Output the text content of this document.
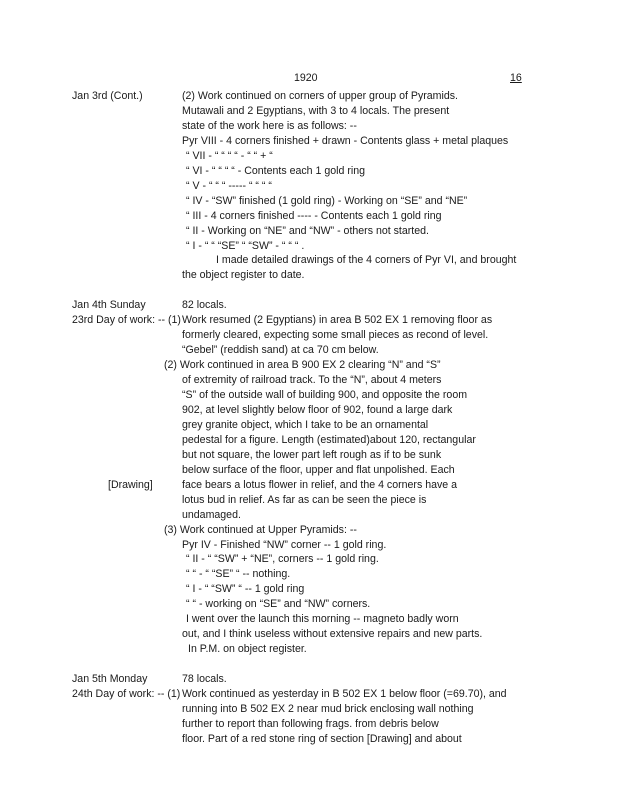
1920	16
Jan 3rd (Cont.)	(2) Work continued on corners of upper group of Pyramids.
Mutawali and 2 Egyptians, with 3 to 4 locals. The present
state of the work here is as follows: --
Pyr VIII - 4 corners finished + drawn - Contents glass + metal plaques
“ VII - “ “ “ “ - “ “ + “
“ VI - “ “ “ “ - Contents each 1 gold ring
“ V - “ “ “ ----- “ “ “ “
“ IV - “SW” finished (1 gold ring) - Working on “SE” and “NE”
“ III - 4 corners finished ---- - Contents each 1 gold ring
“ II - Working on “NE” and “NW” - others not started.
“ I - “ “ “SE” “ “SW” - “ “ “ .
I made detailed drawings of the 4 corners of Pyr VI, and brought
the object register to date.
Jan 4th Sunday	82 locals.
23rd Day of work: -- (1) Work resumed (2 Egyptians) in area B 502 EX 1 removing floor as
formerly cleared, expecting some small pieces as recond of level.
“Gebel” (reddish sand) at ca 70 cm below.
(2) Work continued in area B 900 EX 2 clearing “N” and “S”
of extremity of railroad track. To the “N”, about 4 meters
“S” of the outside wall of building 900, and opposite the room
902, at level slightly below floor of 902, found a large dark
grey granite object, which I take to be an ornamental
pedestal for a figure. Length (estimated)about 120, rectangular
but not square, the lower part left rough as if to be sunk
below surface of the floor, upper and flat unpolished. Each
[Drawing]	face bears a lotus flower in relief, and the 4 corners have a
lotus bud in relief. As far as can be seen the piece is
undamaged.
(3) Work continued at Upper Pyramids: --
Pyr IV - Finished “NW” corner -- 1 gold ring.
“ II - “ “SW” + “NE”, corners -- 1 gold ring.
“ “ - “ “SE” “ -- nothing.
“ I - “ “SW” “ -- 1 gold ring
“ “ - working on “SE” and “NW” corners.
I went over the launch this morning -- magneto badly worn
out, and I think useless without extensive repairs and new parts.
In P.M. on object register.
Jan 5th Monday	78 locals.
24th Day of work: -- (1) Work continued as yesterday in B 502 EX 1 below floor (=69.70), and
running into B 502 EX 2 near mud brick enclosing wall nothing
further to report than following frags. from debris below
floor. Part of a red stone ring of section [Drawing] and about
